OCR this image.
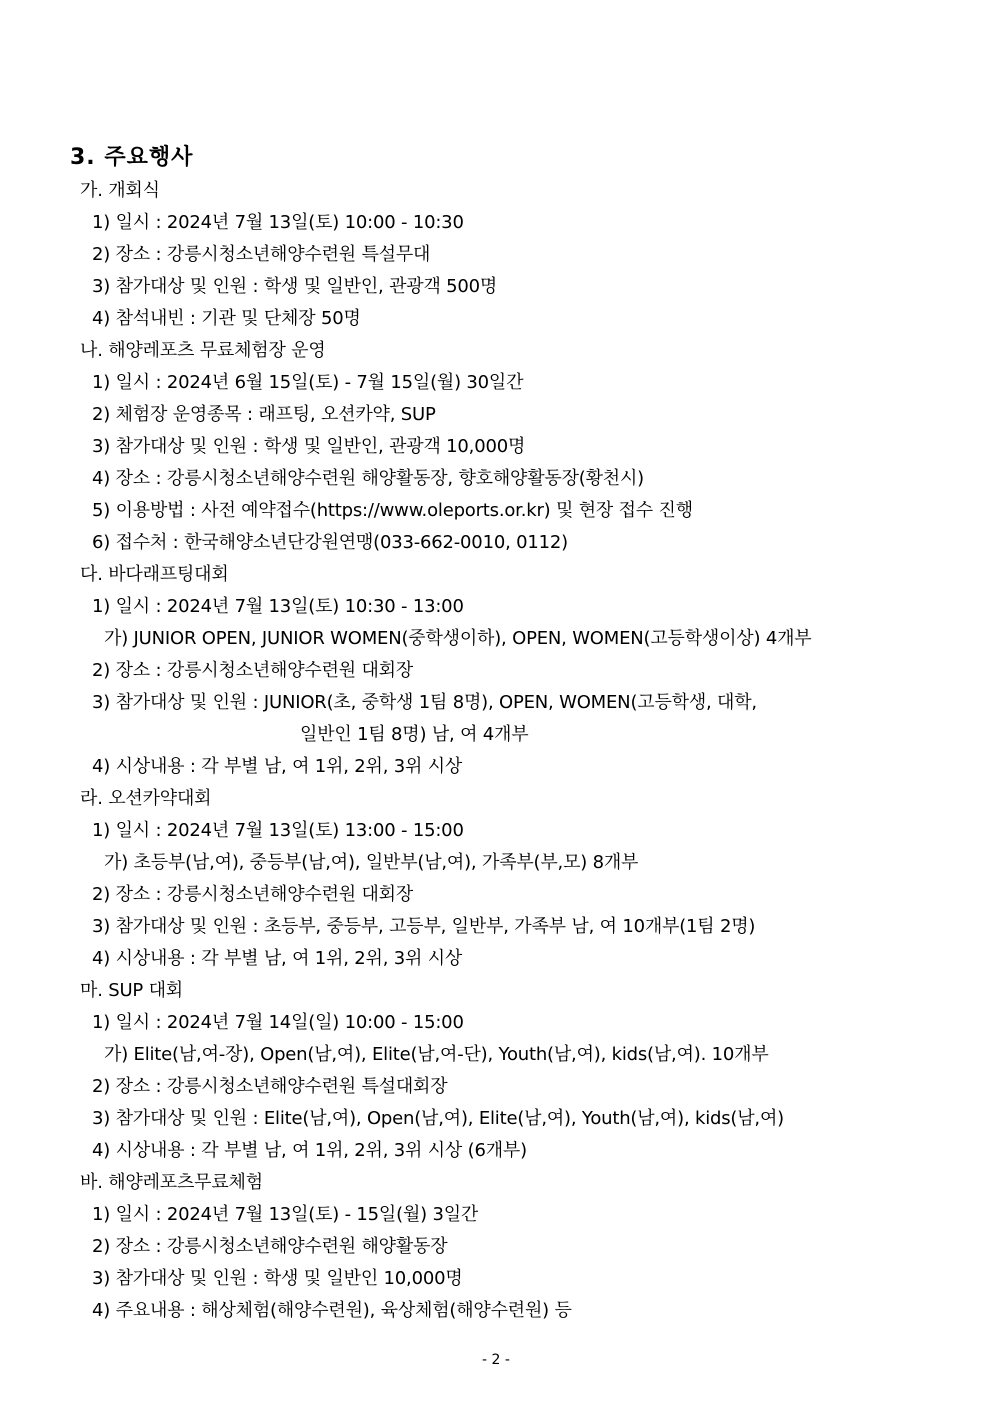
3. 주요행사
가. 개회식
1) 일시 : 2024년 7월 13일(토) 10:00 - 10:30
2) 장소 : 강릉시청소년해양수련원 특설무대
3) 참가대상 및 인원 : 학생 및 일반인, 관광객 500명
4) 참석내빈 : 기관 및 단체장 50명
나. 해양레포츠 무료체험장 운영
1) 일시 : 2024년 6월 15일(토) - 7월 15일(월) 30일간
2) 체험장 운영종목 : 래프팅, 오션카약, SUP
3) 참가대상 및 인원 : 학생 및 일반인, 관광객 10,000명
4) 장소 : 강릉시청소년해양수련원 해양활동장, 향호해양활동장(황천시)
5) 이용방법 : 사전 예약접수(https://www.oleports.or.kr) 및 현장 접수 진행
6) 접수처 : 한국해양소년단강원연맹(033-662-0010, 0112)
다. 바다래프팅대회
1) 일시 : 2024년 7월 13일(토) 10:30 - 13:00
가) JUNIOR OPEN, JUNIOR WOMEN(중학생이하), OPEN, WOMEN(고등학생이상) 4개부
2) 장소 : 강릉시청소년해양수련원 대회장
3) 참가대상 및 인원 : JUNIOR(초, 중학생 1팀 8명), OPEN, WOMEN(고등학생, 대학,
일반인 1팀 8명) 남, 여 4개부
4) 시상내용 : 각 부별 남, 여 1위, 2위, 3위 시상
라. 오션카약대회
1) 일시 : 2024년 7월 13일(토) 13:00 - 15:00
가) 초등부(남,여), 중등부(남,여), 일반부(남,여), 가족부(부,모) 8개부
2) 장소 : 강릉시청소년해양수련원 대회장
3) 참가대상 및 인원 : 초등부, 중등부, 고등부, 일반부, 가족부 남, 여 10개부(1팀 2명)
4) 시상내용 : 각 부별 남, 여 1위, 2위, 3위 시상
마. SUP 대회
1) 일시 : 2024년 7월 14일(일) 10:00 - 15:00
가) Elite(남,여-장), Open(남,여), Elite(남,여-단), Youth(남,여), kids(남,여). 10개부
2) 장소 : 강릉시청소년해양수련원 특설대회장
3) 참가대상 및 인원 : Elite(남,여), Open(남,여), Elite(남,여), Youth(남,여), kids(남,여)
4) 시상내용 : 각 부별 남, 여 1위, 2위, 3위 시상 (6개부)
바. 해양레포츠무료체험
1) 일시 : 2024년 7월 13일(토) - 15일(월) 3일간
2) 장소 : 강릉시청소년해양수련원 해양활동장
3) 참가대상 및 인원 : 학생 및 일반인 10,000명
4) 주요내용 : 해상체험(해양수련원), 육상체험(해양수련원) 등
- 2 -
